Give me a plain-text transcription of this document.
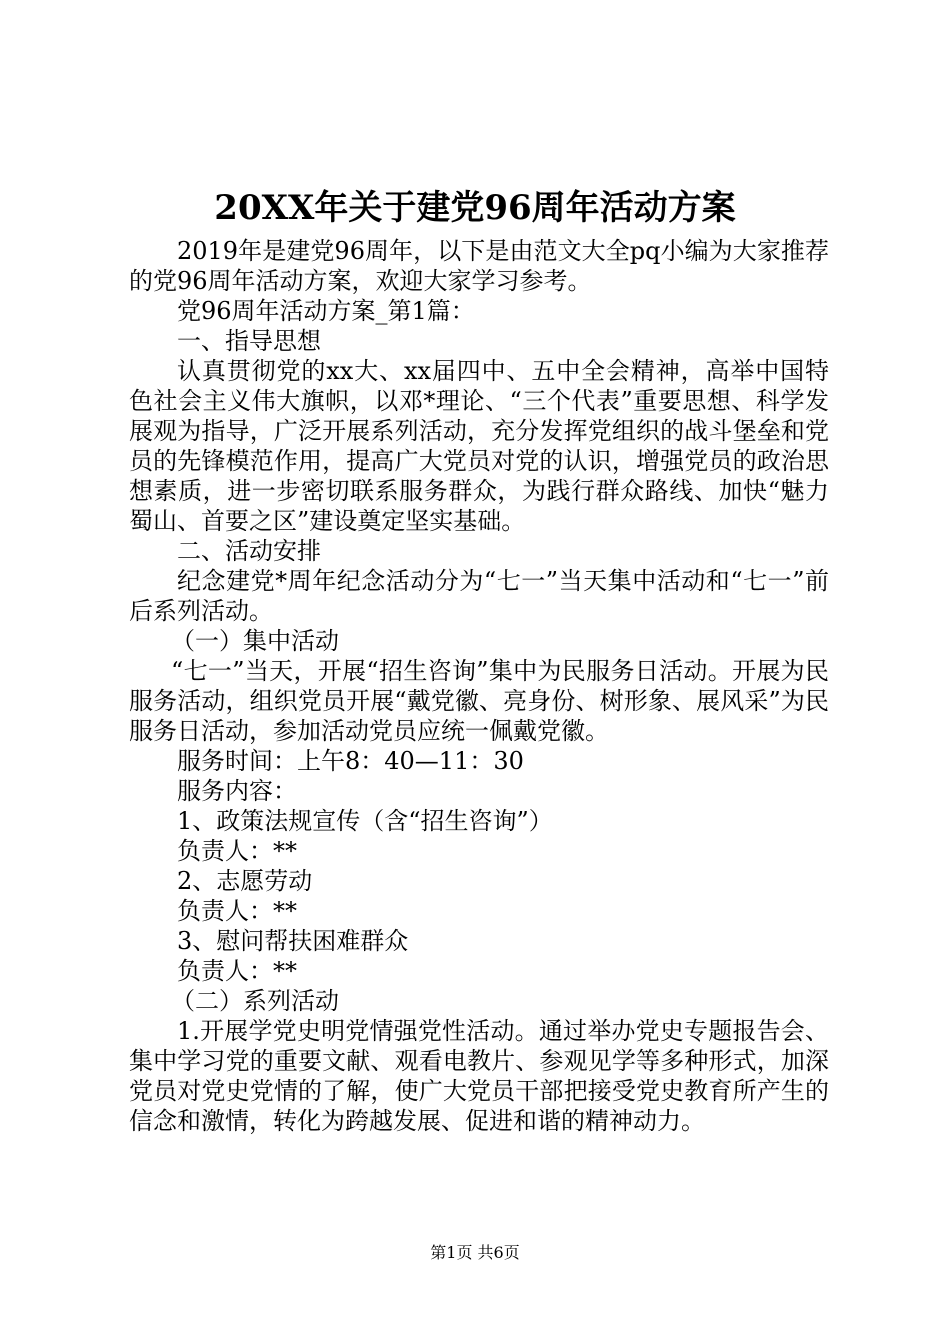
20XX年关于建党96周年活动方案

2019年是建党96周年，以下是由范文大全pq小编为大家推荐的党96周年活动方案，欢迎大家学习参考。

党96周年活动方案_第1篇：

一、指导思想

认真贯彻党的xx大、xx届四中、五中全会精神，高举中国特色社会主义伟大旗帜，以邓*理论、“三个代表”重要思想、科学发展观为指导，广泛开展系列活动，充分发挥党组织的战斗堡垒和党员的先锋模范作用，提高广大党员对党的认识，增强党员的政治思想素质，进一步密切联系服务群众，为践行群众路线、加快“魅力蜀山、首要之区”建设奠定坚实基础。

二、活动安排

纪念建党*周年纪念活动分为“七一”当天集中活动和“七一”前后系列活动。

（一）集中活动

“七一”当天，开展“招生咨询”集中为民服务日活动。开展为民服务活动，组织党员开展“戴党徽、亮身份、树形象、展风采”为民服务日活动，参加活动党员应统一佩戴党徽。

服务时间：上午8：40—11：30

服务内容：

1、政策法规宣传（含“招生咨询”）

负责人：**

2、志愿劳动

负责人：**

3、慰问帮扶困难群众

负责人：**

（二）系列活动

1.开展学党史明党情强党性活动。通过举办党史专题报告会、集中学习党的重要文献、观看电教片、参观见学等多种形式，加深党员对党史党情的了解，使广大党员干部把接受党史教育所产生的信念和激情，转化为跨越发展、促进和谐的精神动力。

第1页 共6页
